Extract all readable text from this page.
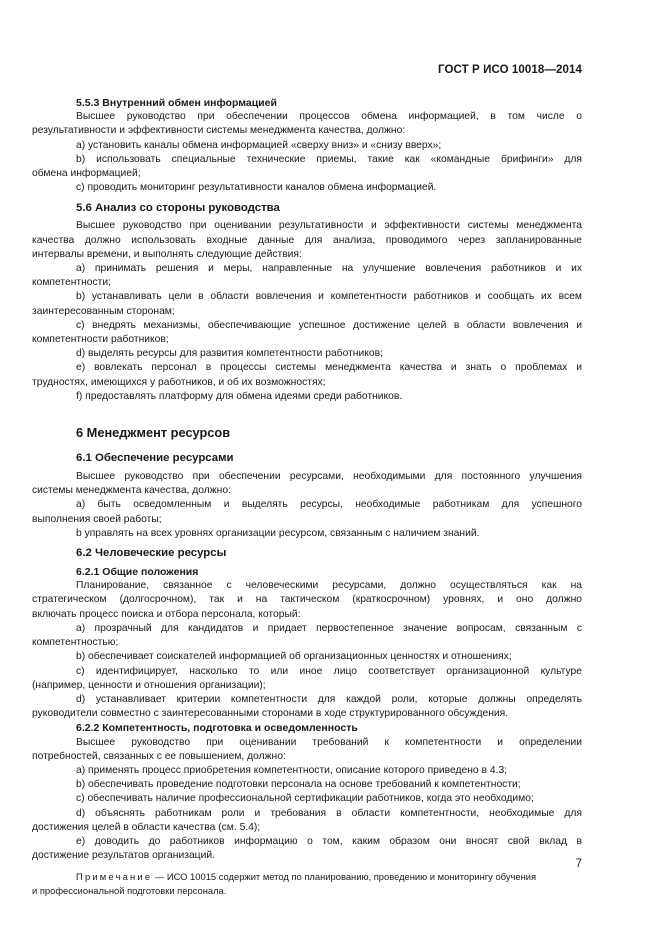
ГОСТ Р ИСО 10018—2014
5.5.3 Внутренний обмен информацией
Высшее руководство при обеспечении процессов обмена информацией, в том числе о
результативности и эффективности системы менеджмента качества, должно:
a) установить каналы обмена информацией «сверху вниз» и «снизу вверх»;
b) использовать специальные технические приемы, такие как «командные брифинги» для
обмена информацией;
c) проводить мониторинг результативности каналов обмена информацией.
5.6 Анализ со стороны руководства
Высшее руководство при оценивании результативности и эффективности системы менеджмента
качества должно использовать входные данные для анализа, проводимого через запланированные
интервалы времени, и выполнять следующие действия:
a) принимать решения и меры, направленные на улучшение вовлечения работников и их
компетентности;
b) устанавливать цели в области вовлечения и компетентности работников и сообщать их всем
заинтересованным сторонам;
c) внедрять механизмы, обеспечивающие успешное достижение целей в области вовлечения и
компетентности работников;
d) выделять ресурсы для развития компетентности работников;
e) вовлекать персонал в процессы системы менеджмента качества и знать о проблемах и
трудностях, имеющихся у работников, и об их возможностях;
f) предоставлять платформу для обмена идеями среди работников.
6 Менеджмент ресурсов
6.1 Обеспечение ресурсами
Высшее руководство при обеспечении ресурсами, необходимыми для постоянного улучшения
системы менеджмента качества, должно:
a) быть осведомленным и выделять ресурсы, необходимые работникам для успешного
выполнения своей работы;
b управлять на всех уровнях организации ресурсом, связанным с наличием знаний.
6.2 Человеческие ресурсы
6.2.1 Общие положения
Планирование, связанное с человеческими ресурсами, должно осуществляться как на
стратегическом (долгосрочном), так и на тактическом (краткосрочном) уровнях, и оно должно
включать процесс поиска и отбора персонала, который:
a) прозрачный для кандидатов и придает первостепенное значение вопросам, связанным с
компетентностью;
b) обеспечивает соискателей информацией об организационных ценностях и отношениях;
c) идентифицирует, насколько то или иное лицо соответствует организационной культуре
(например, ценности и отношения организации);
d) устанавливает критерии компетентности для каждой роли, которые должны определять
руководители совместно с заинтересованными сторонами в ходе структурированного обсуждения.
6.2.2 Компетентность, подготовка и осведомленность
Высшее руководство при оценивании требований к компетентности и определении
потребностей, связанных с ее повышением, должно:
a) применять процесс приобретения компетентности, описание которого приведено в 4.3;
b) обеспечивать проведение подготовки персонала на основе требований к компетентности;
c) обеспечивать наличие профессиональной сертификации работников, когда это необходимо;
d) объяснять работникам роли и требования в области компетентности, необходимые для
достижения целей в области качества (см. 5.4);
e) доводить до работников информацию о том, каким образом они вносят свой вклад в
достижение результатов организаций.
Примечание — ИСО 10015 содержит метод по планированию, проведению и мониторингу обучения
и профессиональной подготовки персонала.
7
